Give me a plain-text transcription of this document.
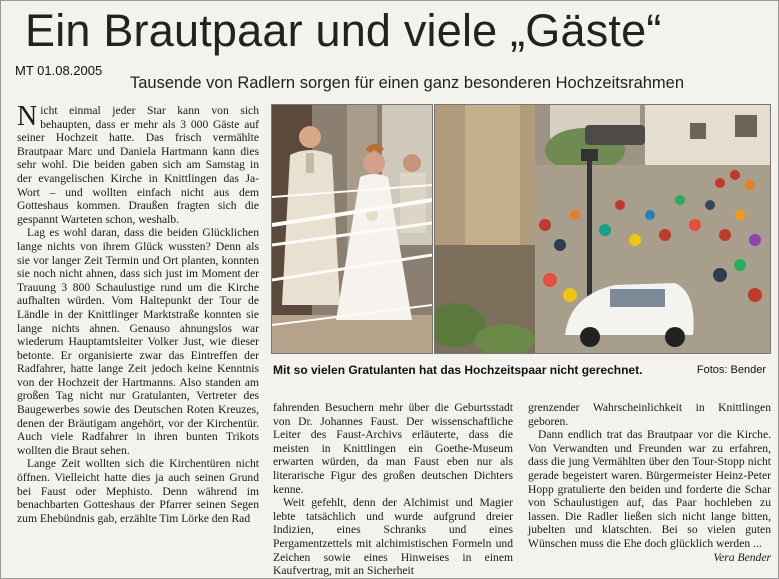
Ein Brautpaar und viele „Gäste“
MT 01.08.2005
Tausende von Radlern sorgen für einen ganz besonderen Hochzeitsrahmen

Nicht einmal jeder Star kann von sich behaupten, dass er mehr als 3 000 Gäste auf seiner Hochzeit hatte. Das frisch vermählte Brautpaar Marc und Daniela Hartmann kann dies sehr wohl. Die beiden gaben sich am Samstag in der evangelischen Kirche in Knittlingen das Ja-Wort – und wollten einfach nicht aus dem Gotteshaus kommen. Draußen fragten sich die gespannt Warteten schon, weshalb.

Lag es wohl daran, dass die beiden Glücklichen lange nichts von ihrem Glück wussten? Denn als sie vor langer Zeit Termin und Ort planten, konnten sie noch nicht ahnen, dass sich just im Moment der Trauung 3 800 Schaulustige rund um die Kirche aufhalten würden. Vom Haltepunkt der Tour de Ländle in der Knittlinger Marktstraße konnten sie lange nichts ahnen. Genauso ahnungslos war wiederum Hauptamtsleiter Volker Just, wie dieser betonte. Er organisierte zwar das Eintreffen der Radfahrer, hatte lange Zeit jedoch keine Kenntnis von der Hochzeit der Hartmanns. Also standen am großen Tag nicht nur Gratulanten, Vertreter des Baugewerbes sowie des Deutschen Roten Kreuzes, denen der Bräutigam angehört, vor der Kirchentür. Auch viele Radfahrer in ihren bunten Trikots wollten die Braut sehen.

Lange Zeit wollten sich die Kirchentüren nicht öffnen. Vielleicht hatte dies ja auch seinen Grund bei Faust oder Mephisto. Denn während im benachbarten Gotteshaus der Pfarrer seinen Segen zum Ehebündnis gab, erzählte Tim Lörke den Rad

Mit so vielen Gratulanten hat das Hochzeitspaar nicht gerechnet.	Fotos: Bender

fahrenden Besuchern mehr über die Geburtsstadt von Dr. Johannes Faust. Der wissenschaftliche Leiter des Faust-Archivs erläuterte, dass die meisten in Knittlingen ein Goethe-Museum erwarten würden, da man Faust eben nur als literarische Figur des großen deutschen Dichters kenne.

Weit gefehlt, denn der Alchimist und Magier lebte tatsächlich und wurde aufgrund dreier Indizien, eines Schranks und eines Pergamentzettels mit alchimistischen Formeln und Zeichen sowie eines Hinweises in einem Kaufvertrag, mit an Sicherheit

grenzender Wahrscheinlichkeit in Knittlingen geboren.

Dann endlich trat das Brautpaar vor die Kirche. Von Verwandten und Freunden war zu erfahren, dass die jung Vermählten über den Tour-Stopp nicht gerade begeistert waren. Bürgermeister Heinz-Peter Hopp gratulierte den beiden und forderte die Schar von Schaulustigen auf, das Paar hochleben zu lassen. Die Radler ließen sich nicht lange bitten, jubelten und klatschten. Bei so vielen guten Wünschen muss die Ehe doch glücklich werden ...
Vera Bender
